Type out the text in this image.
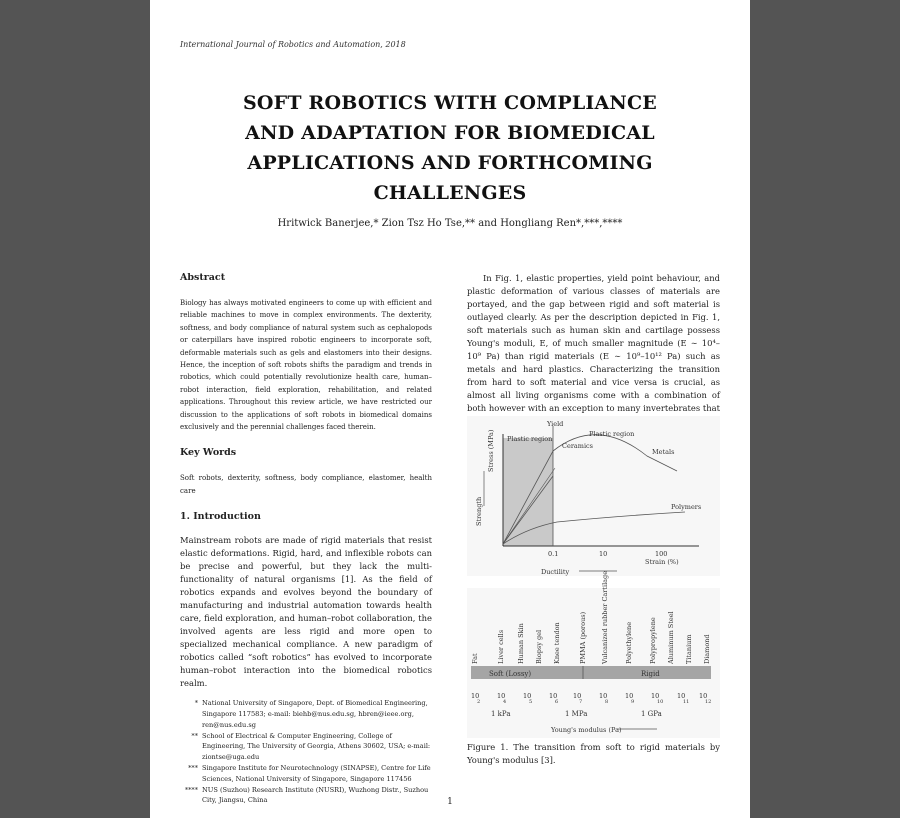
International Journal of Robotics and Automation, 2018
SOFT ROBOTICS WITH COMPLIANCE
AND ADAPTATION FOR BIOMEDICAL
APPLICATIONS AND FORTHCOMING
CHALLENGES
Hritwick Banerjee,* Zion Tsz Ho Tse,** and Hongliang Ren*,***,****
Abstract

Biology has always motivated engineers to come up with efficient and reliable machines to move in complex environments. The dexterity, softness, and body compliance of natural system such as cephalopods or caterpillars have inspired robotic engineers to incorporate soft, deformable materials such as gels and elastomers into their designs. Hence, the inception of soft robots shifts the paradigm and trends in robotics, which could potentially revolutionize health care, human–robot interaction, field exploration, rehabilitation, and related applications. Throughout this review article, we have restricted our discussion to the applications of soft robots in biomedical domains exclusively and the perennial challenges faced therein.

Key Words

Soft robots, dexterity, softness, body compliance, elastomer, health care

1. Introduction

Mainstream robots are made of rigid materials that resist elastic deformations. Rigid, hard, and inflexible robots can be precise and powerful, but they lack the multi-functionality of natural organisms [1]. As the field of robotics expands and evolves beyond the boundary of manufacturing and industrial automation towards health care, field exploration, and human–robot collaboration, the involved agents are less rigid and more open to specialized mechanical compliance. A new paradigm of robotics called “soft robotics” has evolved to incorporate human–robot interaction into the biomedical robotics realm.

* National University of Singapore, Dept. of Biomedical Engineering, Singapore 117583; e-mail: biehb@nus.edu.sg, hbren@ieee.org, ren@nus.edu.sg

** School of Electrical & Computer Engineering, College of Engineering, The University of Georgia, Athens 30602, USA; e-mail: ziontse@uga.edu

*** Singapore Institute for Neurotechnology (SINAPSE), Centre for Life Sciences, National University of Singapore, Singapore 117456

**** NUS (Suzhou) Research Institute (NUSRI), Wuzhong Distr., Suzhou City, Jiangsu, China

In Fig. 1, elastic properties, yield point behaviour, and plastic deformation of various classes of materials are portayed, and the gap between rigid and soft material is outlayed clearly. As per the description depicted in Fig. 1, soft materials such as human skin and cartilage possess Young's moduli, E, of much smaller magnitude (E ∼ 10⁴–10⁹ Pa) than rigid materials (E ∼ 10⁹–10¹² Pa) such as metals and hard plastics. Characterizing the transition from hard to soft material and vice versa is crucial, as almost all living organisms come with a combination of both however with an exception to many invertebrates that

1
Yield
Plastic region
Plastic region
Ceramics
Metals
Polymers
Stress (MPa)
Strength
0.1	10	100
Ductility
Strain (%)
Soft (Lossy)	Rigid
Fat	Liver cells Human Skin Biopsy gel Knee tendon	PMMA (porous) Vulcanized rubber Cartilage Polyethylene Polypropylene Aluminum Steel Titanium Diamond
10
2
10
4
10
5
10
6
10
7
10
8
10
9
10
10
10
11
10
12
1 kPa	1 MPa	1 GPa
Young's modulus (Pa)
Figure 1. The transition from soft to rigid materials by Young's modulus [3].
